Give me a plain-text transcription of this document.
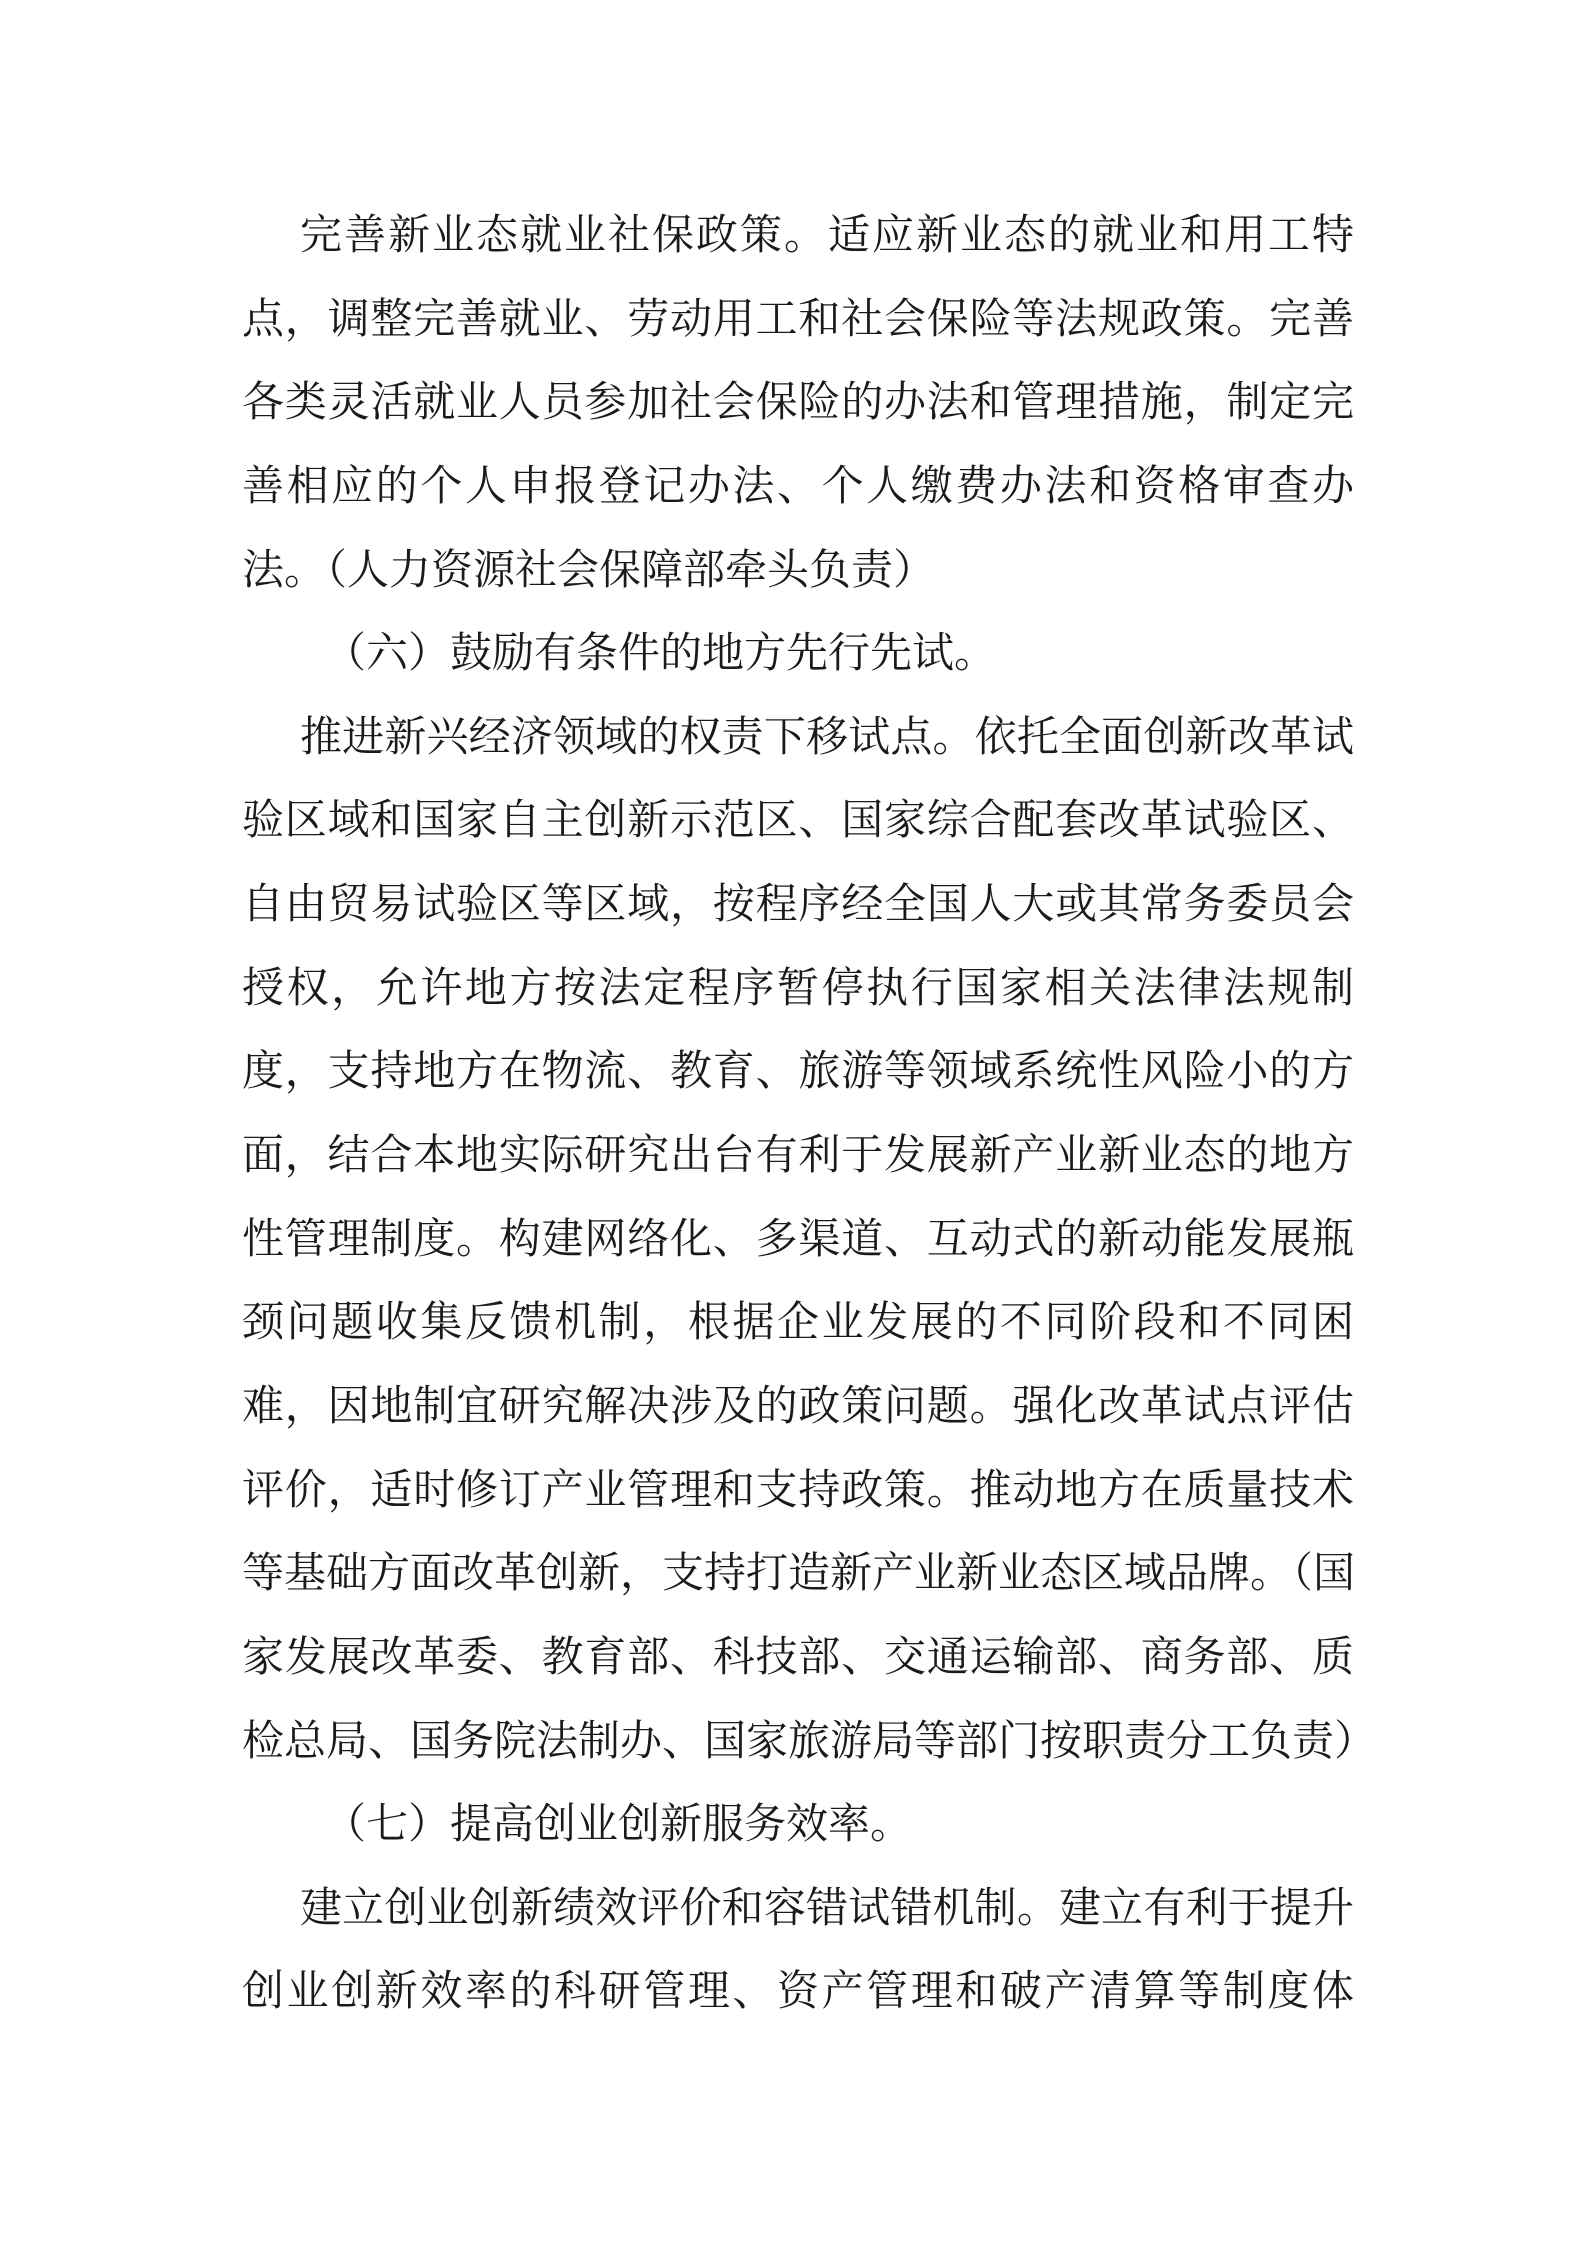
完善新业态就业社保政策。适应新业态的就业和用工特
点，调整完善就业、劳动用工和社会保险等法规政策。完善
各类灵活就业人员参加社会保险的办法和管理措施，制定完
善相应的个人申报登记办法、个人缴费办法和资格审查办
法。（人力资源社会保障部牵头负责）
（六）鼓励有条件的地方先行先试。
推进新兴经济领域的权责下移试点。依托全面创新改革试
验区域和国家自主创新示范区、国家综合配套改革试验区、
自由贸易试验区等区域，按程序经全国人大或其常务委员会
授权，允许地方按法定程序暂停执行国家相关法律法规制
度，支持地方在物流、教育、旅游等领域系统性风险小的方
面，结合本地实际研究出台有利于发展新产业新业态的地方
性管理制度。构建网络化、多渠道、互动式的新动能发展瓶
颈问题收集反馈机制，根据企业发展的不同阶段和不同困
难，因地制宜研究解决涉及的政策问题。强化改革试点评估
评价，适时修订产业管理和支持政策。推动地方在质量技术
等基础方面改革创新，支持打造新产业新业态区域品牌。（国
家发展改革委、教育部、科技部、交通运输部、商务部、质
检总局、国务院法制办、国家旅游局等部门按职责分工负责）
（七）提高创业创新服务效率。
建立创业创新绩效评价和容错试错机制。建立有利于提升
创业创新效率的科研管理、资产管理和破产清算等制度体
